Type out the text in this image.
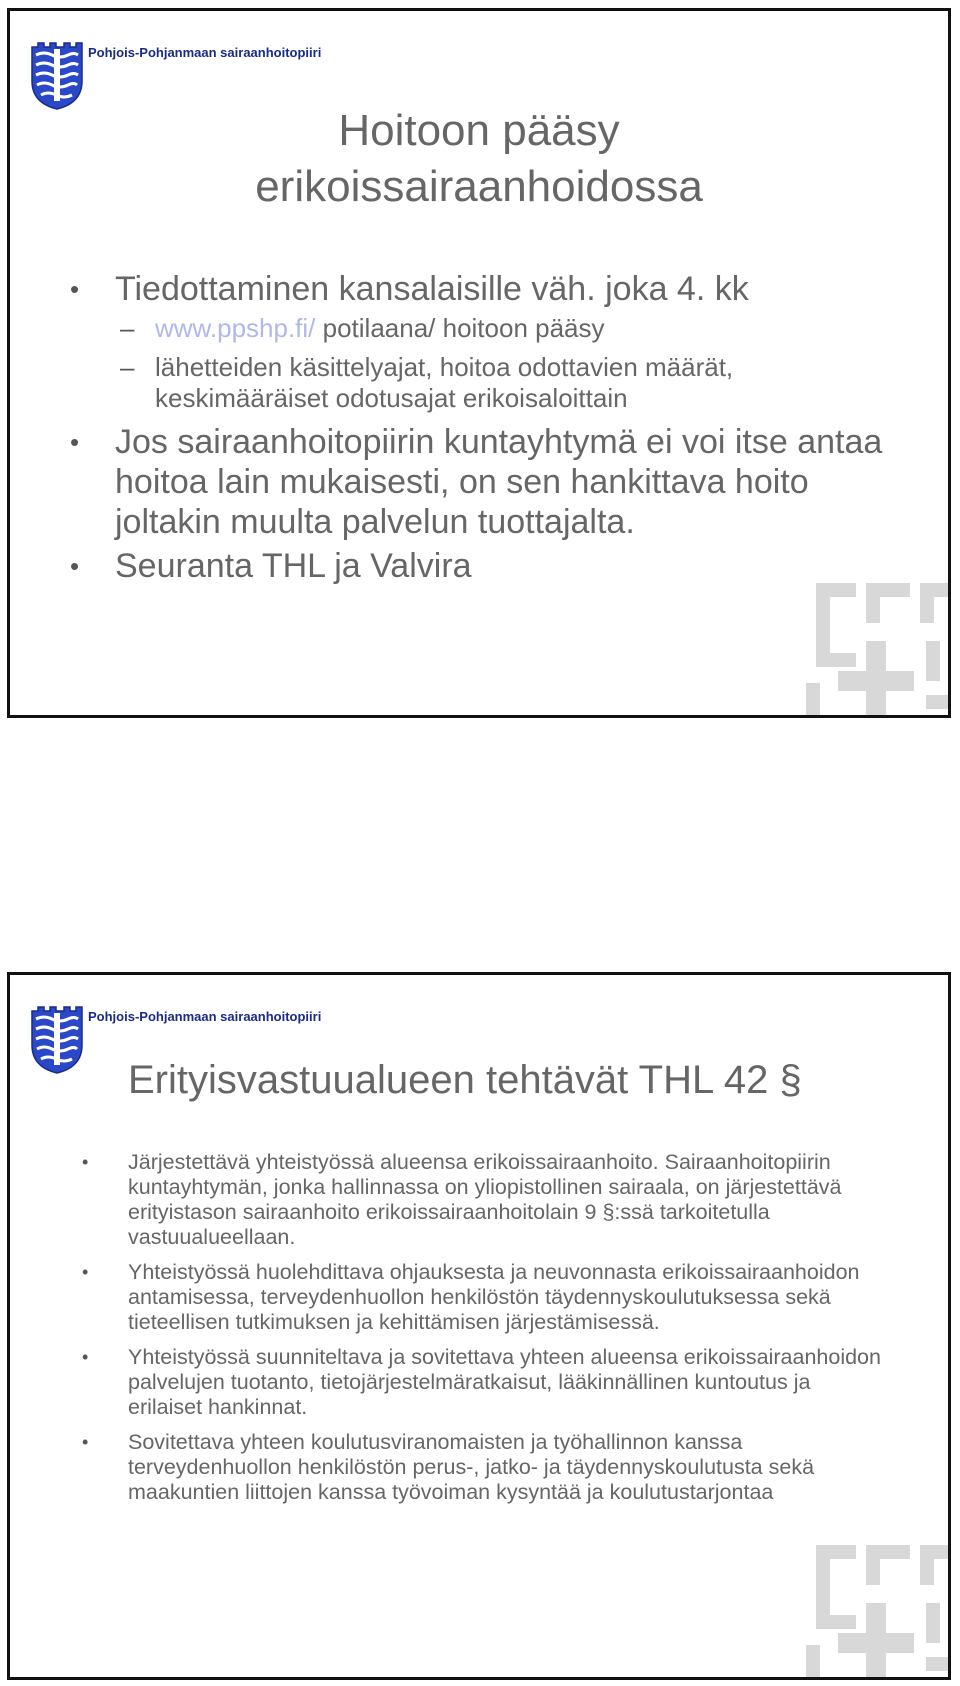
Pohjois-Pohjanmaan sairaanhoitopiiri
Hoitoon pääsy
erikoissairaanhoidossa
• Tiedottaminen kansalaisille väh. joka 4. kk
– www.ppshp.fi/ potilaana/ hoitoon pääsy
– lähetteiden käsittelyajat, hoitoa odottavien määrät, keskimääräiset odotusajat erikoisaloittain
• Jos sairaanhoitopiirin kuntayhtymä ei voi itse antaa hoitoa lain mukaisesti, on sen hankittava hoito joltakin muulta palvelun tuottajalta.
• Seuranta THL ja Valvira
Pohjois-Pohjanmaan sairaanhoitopiiri
Erityisvastuualueen tehtävät THL 42 §
• Järjestettävä yhteistyössä alueensa erikoissairaanhoito. Sairaanhoitopiirin kuntayhtymän, jonka hallinnassa on yliopistollinen sairaala, on järjestettävä erityistason sairaanhoito erikoissairaanhoitolain 9 §:ssä tarkoitetulla vastuualueellaan.
• Yhteistyössä huolehdittava ohjauksesta ja neuvonnasta erikoissairaanhoidon antamisessa, terveydenhuollon henkilöstön täydennyskoulutuksessa sekä tieteellisen tutkimuksen ja kehittämisen järjestämisessä.
• Yhteistyössä suunniteltava ja sovitettava yhteen alueensa erikoissairaanhoidon palvelujen tuotanto, tietojärjestelmäratkaisut, lääkinnällinen kuntoutus ja erilaiset hankinnat.
• Sovitettava yhteen koulutusviranomaisten ja työhallinnon kanssa terveydenhuollon henkilöstön perus-, jatko- ja täydennyskoulutusta sekä maakuntien liittojen kanssa työvoiman kysyntää ja koulutustarjontaa
